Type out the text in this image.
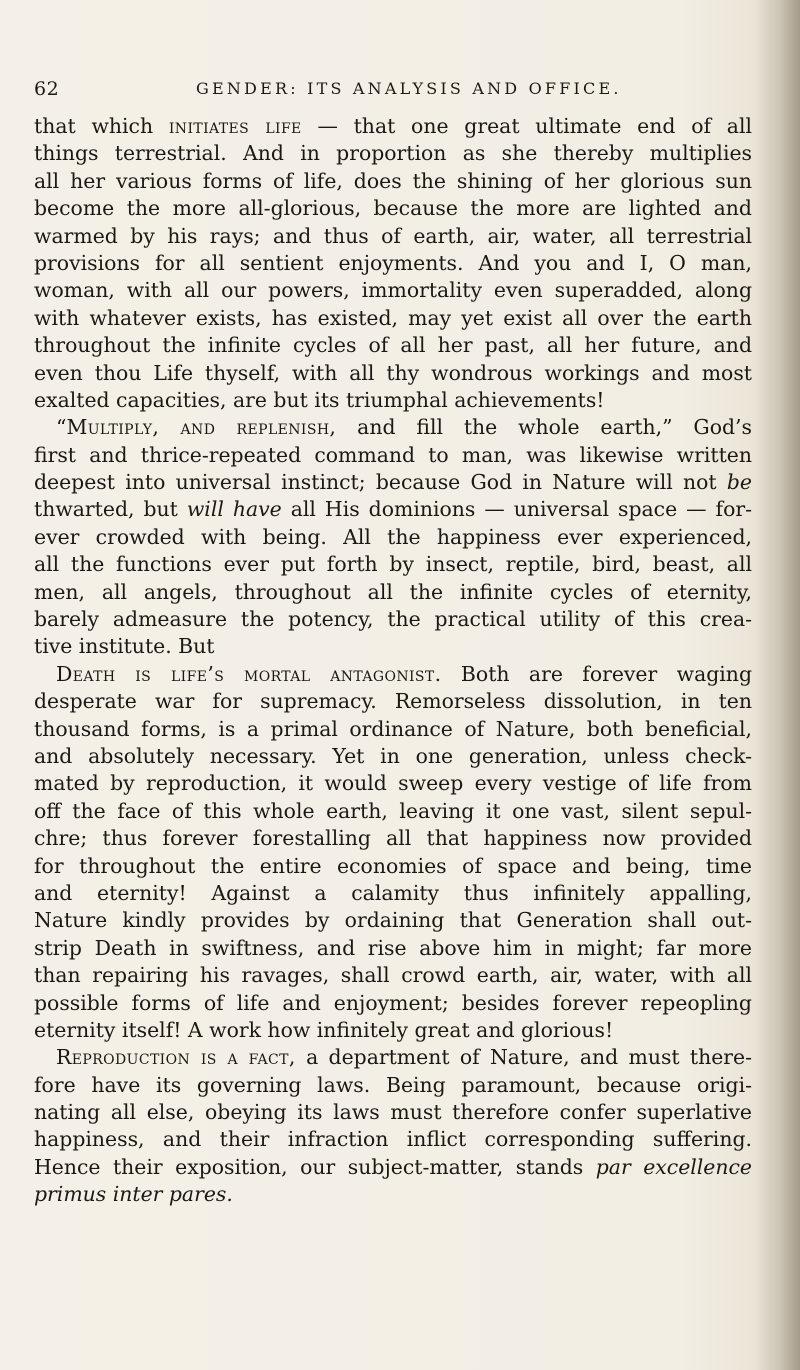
62	GENDER: ITS ANALYSIS AND OFFICE.
that which initiates life — that one great ultimate end of all
things terrestrial. And in proportion as she thereby multiplies
all her various forms of life, does the shining of her glorious sun
become the more all-glorious, because the more are lighted and
warmed by his rays; and thus of earth, air, water, all terrestrial
provisions for all sentient enjoyments. And you and I, O man,
woman, with all our powers, immortality even superadded, along
with whatever exists, has existed, may yet exist all over the earth
throughout the infinite cycles of all her past, all her future, and
even thou Life thyself, with all thy wondrous workings and most
exalted capacities, are but its triumphal achievements!
“Multiply, and replenish, and fill the whole earth,” God’s
first and thrice-repeated command to man, was likewise written
deepest into universal instinct; because God in Nature will not be
thwarted, but will have all His dominions — universal space — for-
ever crowded with being. All the happiness ever experienced,
all the functions ever put forth by insect, reptile, bird, beast, all
men, all angels, throughout all the infinite cycles of eternity,
barely admeasure the potency, the practical utility of this crea-
tive institute. But
Death is life’s mortal antagonist. Both are forever waging
desperate war for supremacy. Remorseless dissolution, in ten
thousand forms, is a primal ordinance of Nature, both beneficial,
and absolutely necessary. Yet in one generation, unless check-
mated by reproduction, it would sweep every vestige of life from
off the face of this whole earth, leaving it one vast, silent sepul-
chre; thus forever forestalling all that happiness now provided
for throughout the entire economies of space and being, time
and eternity! Against a calamity thus infinitely appalling,
Nature kindly provides by ordaining that Generation shall out-
strip Death in swiftness, and rise above him in might; far more
than repairing his ravages, shall crowd earth, air, water, with all
possible forms of life and enjoyment; besides forever repeopling
eternity itself! A work how infinitely great and glorious!
Reproduction is a fact, a department of Nature, and must there-
fore have its governing laws. Being paramount, because origi-
nating all else, obeying its laws must therefore confer superlative
happiness, and their infraction inflict corresponding suffering.
Hence their exposition, our subject-matter, stands par excellence
primus inter pares.
